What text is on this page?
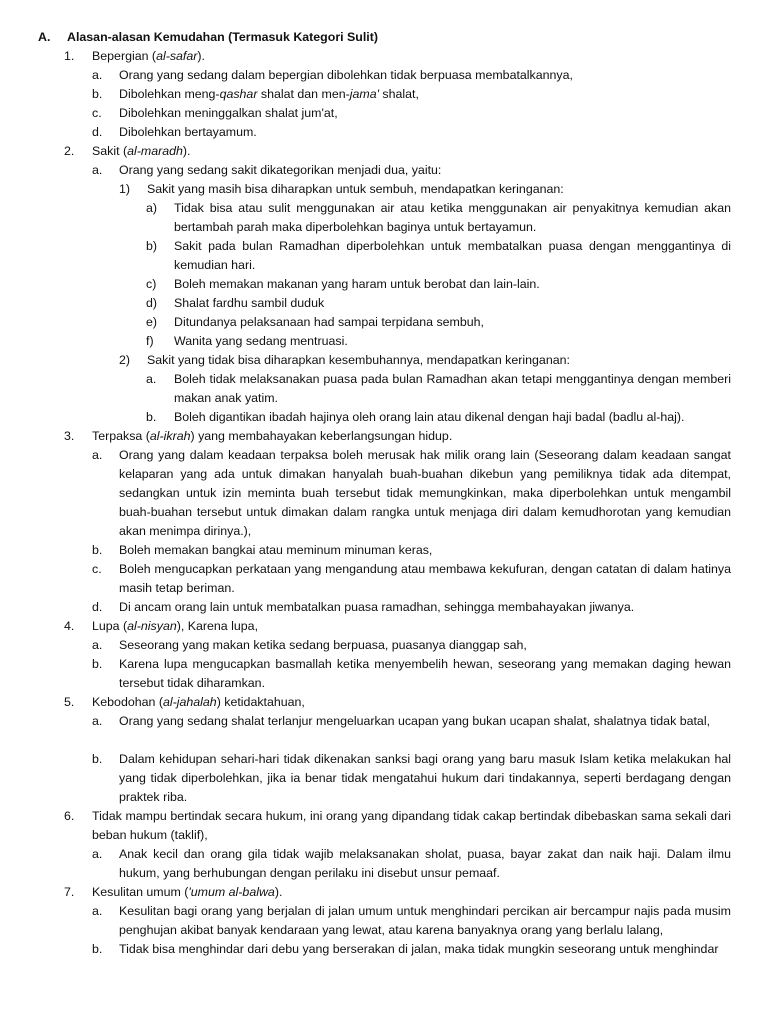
A. Alasan-alasan Kemudahan (Termasuk Kategori Sulit)
1. Bepergian (al-safar).
a. Orang yang sedang dalam bepergian dibolehkan tidak berpuasa membatalkannya,
b. Dibolehkan meng-qashar shalat dan men-jama' shalat,
c. Dibolehkan meninggalkan shalat jum'at,
d. Dibolehkan bertayamum.
2. Sakit (al-maradh).
a. Orang yang sedang sakit dikategorikan menjadi dua, yaitu:
1) Sakit yang masih bisa diharapkan untuk sembuh, mendapatkan keringanan:
a) Tidak bisa atau sulit menggunakan air atau ketika menggunakan air penyakitnya kemudian akan bertambah parah maka diperbolehkan baginya untuk bertayamun.
b) Sakit pada bulan Ramadhan diperbolehkan untuk membatalkan puasa dengan menggantinya di kemudian hari.
c) Boleh memakan makanan yang haram untuk berobat dan lain-lain.
d) Shalat fardhu sambil duduk
e) Ditundanya pelaksanaan had sampai terpidana sembuh,
f) Wanita yang sedang mentruasi.
2) Sakit yang tidak bisa diharapkan kesembuhannya, mendapatkan keringanan:
a. Boleh tidak melaksanakan puasa pada bulan Ramadhan akan tetapi menggantinya dengan memberi makan anak yatim.
b. Boleh digantikan ibadah hajinya oleh orang lain atau dikenal dengan haji badal (badlu al-haj).
3. Terpaksa (al-ikrah) yang membahayakan keberlangsungan hidup.
a. Orang yang dalam keadaan terpaksa boleh merusak hak milik orang lain (Seseorang dalam keadaan sangat kelaparan yang ada untuk dimakan hanyalah buah-buahan dikebun yang pemiliknya tidak ada ditempat, sedangkan untuk izin meminta buah tersebut tidak memungkinkan, maka diperbolehkan untuk mengambil buah-buahan tersebut untuk dimakan dalam rangka untuk menjaga diri dalam kemudhorotan yang kemudian akan menimpa dirinya.),
b. Boleh memakan bangkai atau meminum minuman keras,
c. Boleh mengucapkan perkataan yang mengandung atau membawa kekufuran, dengan catatan di dalam hatinya masih tetap beriman.
d. Di ancam orang lain untuk membatalkan puasa ramadhan, sehingga membahayakan jiwanya.
4. Lupa (al-nisyan), Karena lupa,
a. Seseorang yang makan ketika sedang berpuasa, puasanya dianggap sah,
b. Karena lupa mengucapkan basmallah ketika menyembelih hewan, seseorang yang memakan daging hewan tersebut tidak diharamkan.
5. Kebodohan (al-jahalah) ketidaktahuan,
a. Orang yang sedang shalat terlanjur mengeluarkan ucapan yang bukan ucapan shalat, shalatnya tidak batal,
b. Dalam kehidupan sehari-hari tidak dikenakan sanksi bagi orang yang baru masuk Islam ketika melakukan hal yang tidak diperbolehkan, jika ia benar tidak mengatahui hukum dari tindakannya, seperti berdagang dengan praktek riba.
6. Tidak mampu bertindak secara hukum, ini orang yang dipandang tidak cakap bertindak dibebaskan sama sekali dari beban hukum (taklif),
a. Anak kecil dan orang gila tidak wajib melaksanakan sholat, puasa, bayar zakat dan naik haji. Dalam ilmu hukum, yang berhubungan dengan perilaku ini disebut unsur pemaaf.
7. Kesulitan umum ('umum al-balwa).
a. Kesulitan bagi orang yang berjalan di jalan umum untuk menghindari percikan air bercampur najis pada musim penghujan akibat banyak kendaraan yang lewat, atau karena banyaknya orang yang berlalu lalang,
b. Tidak bisa menghindar dari debu yang berserakan di jalan, maka tidak mungkin seseorang untuk menghindar
